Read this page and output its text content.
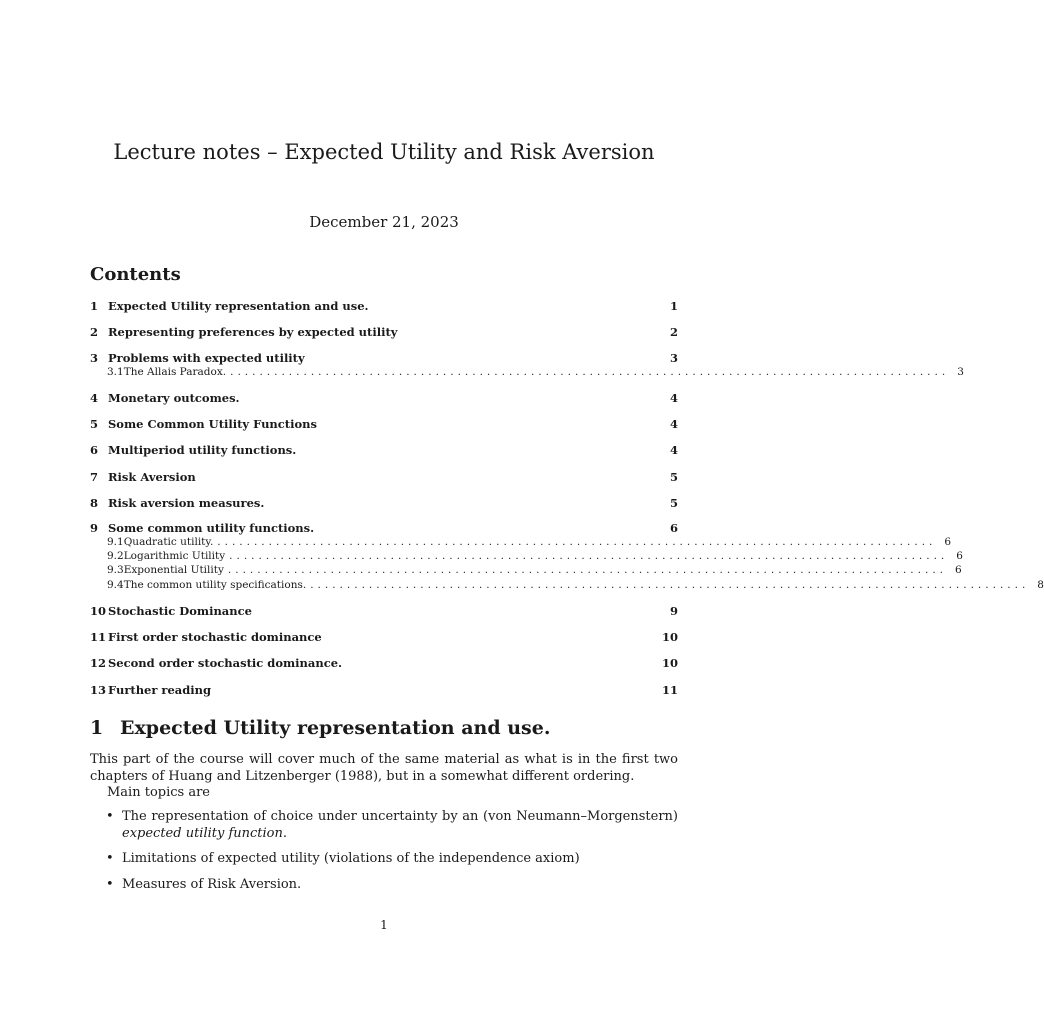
Lecture notes – Expected Utility and Risk Aversion
December 21, 2023
Contents
1 Expected Utility representation and use.	1
2 Representing preferences by expected utility	2
3 Problems with expected utility	3
3.1 The Allais Paradox. .................................................................................................. 3
4 Monetary outcomes.	4
5 Some Common Utility Functions	4
6 Multiperiod utility functions.	4
7 Risk Aversion	5
8 Risk aversion measures.	5
9 Some common utility functions.	6
9.1 Quadratic utility. .................................................................................................. 6
9.2 Logarithmic Utility .................................................................................................. 6
9.3 Exponential Utility .................................................................................................. 6
9.4 The common utility specifications. .................................................................................................. 8
10 Stochastic Dominance	9
11 First order stochastic dominance	10
12 Second order stochastic dominance.	10
13 Further reading	11
1 Expected Utility representation and use.
This part of the course will cover much of the same material as what is in the first two chapters of Huang and Litzenberger (1988), but in a somewhat different ordering.
Main topics are
• The representation of choice under uncertainty by an (von Neumann–Morgenstern) expected utility function.
• Limitations of expected utility (violations of the independence axiom)
• Measures of Risk Aversion.
1
